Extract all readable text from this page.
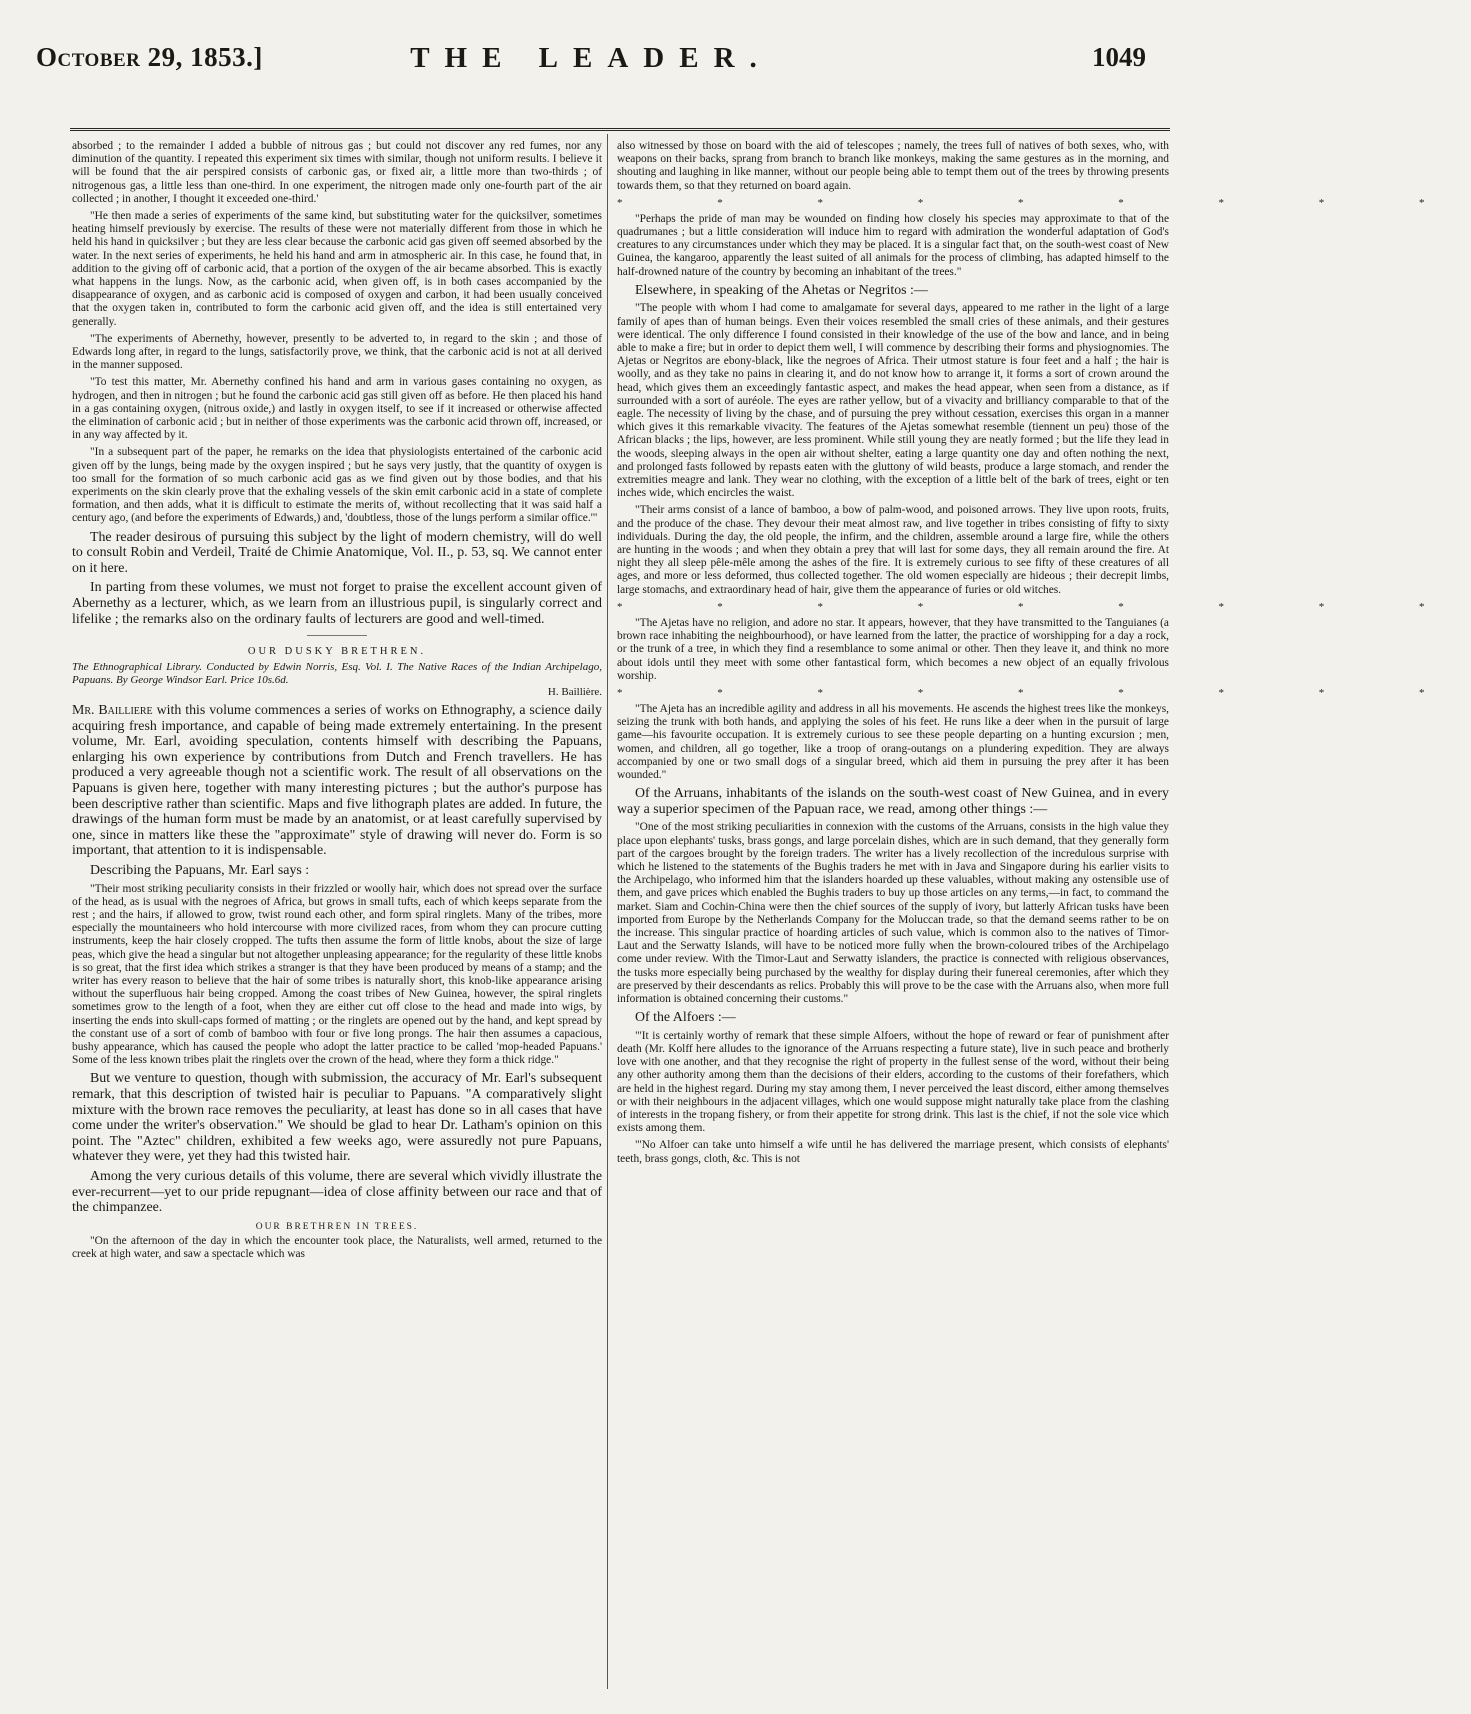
October 29, 1853.]	THE LEADER.	1049

absorbed ; to the remainder I added a bubble of nitrous gas ; but could not discover any red fumes, nor any diminution of the quantity. I repeated this experiment six times with similar, though not uniform results. I believe it will be found that the air perspired consists of carbonic gas, or fixed air, a little more than two-thirds ; of nitrogenous gas, a little less than one-third. In one experiment, the nitrogen made only one-fourth part of the air collected ; in another, I thought it exceeded one-third.'

"He then made a series of experiments of the same kind, but substituting water for the quicksilver, sometimes heating himself previously by exercise. The results of these were not materially different from those in which he held his hand in quicksilver ; but they are less clear because the carbonic acid gas given off seemed absorbed by the water. In the next series of experiments, he held his hand and arm in atmospheric air. In this case, he found that, in addition to the giving off of carbonic acid, that a portion of the oxygen of the air became absorbed. This is exactly what happens in the lungs. Now, as the carbonic acid, when given off, is in both cases accompanied by the disappearance of oxygen, and as carbonic acid is composed of oxygen and carbon, it had been usually conceived that the oxygen taken in, contributed to form the carbonic acid given off, and the idea is still entertained very generally.

"The experiments of Abernethy, however, presently to be adverted to, in regard to the skin ; and those of Edwards long after, in regard to the lungs, satisfactorily prove, we think, that the carbonic acid is not at all derived in the manner supposed.

"To test this matter, Mr. Abernethy confined his hand and arm in various gases containing no oxygen, as hydrogen, and then in nitrogen ; but he found the carbonic acid gas still given off as before. He then placed his hand in a gas containing oxygen, (nitrous oxide,) and lastly in oxygen itself, to see if it increased or otherwise affected the elimination of carbonic acid ; but in neither of those experiments was the carbonic acid thrown off, increased, or in any way affected by it.

"In a subsequent part of the paper, he remarks on the idea that physiologists entertained of the carbonic acid given off by the lungs, being made by the oxygen inspired ; but he says very justly, that the quantity of oxygen is too small for the formation of so much carbonic acid gas as we find given out by those bodies, and that his experiments on the skin clearly prove that the exhaling vessels of the skin emit carbonic acid in a state of complete formation, and then adds, what it is difficult to estimate the merits of, without recollecting that it was said half a century ago, (and before the experiments of Edwards,) and, 'doubtless, those of the lungs perform a similar office.'"

The reader desirous of pursuing this subject by the light of modern chemistry, will do well to consult Robin and Verdeil, Traité de Chimie Anatomique, Vol. II., p. 53, sq. We cannot enter on it here.

In parting from these volumes, we must not forget to praise the excellent account given of Abernethy as a lecturer, which, as we learn from an illustrious pupil, is singularly correct and lifelike ; the remarks also on the ordinary faults of lecturers are good and well-timed.

OUR DUSKY BRETHREN.

The Ethnographical Library. Conducted by Edwin Norris, Esq. Vol. I. The Native Races of the Indian Archipelago, Papuans. By George Windsor Earl. Price 10s.6d.
H. Baillière.

Mr. Bailliere with this volume commences a series of works on Ethnography, a science daily acquiring fresh importance, and capable of being made extremely entertaining. In the present volume, Mr. Earl, avoiding speculation, contents himself with describing the Papuans, enlarging his own experience by contributions from Dutch and French travellers. He has produced a very agreeable though not a scientific work. The result of all observations on the Papuans is given here, together with many interesting pictures ; but the author's purpose has been descriptive rather than scientific. Maps and five lithograph plates are added. In future, the drawings of the human form must be made by an anatomist, or at least carefully supervised by one, since in matters like these the "approximate" style of drawing will never do. Form is so important, that attention to it is indispensable.

Describing the Papuans, Mr. Earl says :

"Their most striking peculiarity consists in their frizzled or woolly hair, which does not spread over the surface of the head, as is usual with the negroes of Africa, but grows in small tufts, each of which keeps separate from the rest ; and the hairs, if allowed to grow, twist round each other, and form spiral ringlets. Many of the tribes, more especially the mountaineers who hold intercourse with more civilized races, from whom they can procure cutting instruments, keep the hair closely cropped. The tufts then assume the form of little knobs, about the size of large peas, which give the head a singular but not altogether unpleasing appearance; for the regularity of these little knobs is so great, that the first idea which strikes a stranger is that they have been produced by means of a stamp; and the writer has every reason to believe that the hair of some tribes is naturally short, this knob-like appearance arising without the superfluous hair being cropped. Among the coast tribes of New Guinea, however, the spiral ringlets sometimes grow to the length of a foot, when they are either cut off close to the head and made into wigs, by inserting the ends into skull-caps formed of matting ; or the ringlets are opened out by the hand, and kept spread by the constant use of a sort of comb of bamboo with four or five long prongs. The hair then assumes a capacious, bushy appearance, which has caused the people who adopt the latter practice to be called 'mop-headed Papuans.' Some of the less known tribes plait the ringlets over the crown of the head, where they form a thick ridge."

But we venture to question, though with submission, the accuracy of Mr. Earl's subsequent remark, that this description of twisted hair is peculiar to Papuans. "A comparatively slight mixture with the brown race removes the peculiarity, at least has done so in all cases that have come under the writer's observation." We should be glad to hear Dr. Latham's opinion on this point. The "Aztec" children, exhibited a few weeks ago, were assuredly not pure Papuans, whatever they were, yet they had this twisted hair.

Among the very curious details of this volume, there are several which vividly illustrate the ever-recurrent—yet to our pride repugnant—idea of close affinity between our race and that of the chimpanzee.

OUR BRETHREN IN TREES.

"On the afternoon of the day in which the encounter took place, the Naturalists, well armed, returned to the creek at high water, and saw a spectacle which was

also witnessed by those on board with the aid of telescopes ; namely, the trees full of natives of both sexes, who, with weapons on their backs, sprang from branch to branch like monkeys, making the same gestures as in the morning, and shouting and laughing in like manner, without our people being able to tempt them out of the trees by throwing presents towards them, so that they returned on board again.

* * * * * * * * *

"Perhaps the pride of man may be wounded on finding how closely his species may approximate to that of the quadrumanes ; but a little consideration will induce him to regard with admiration the wonderful adaptation of God's creatures to any circumstances under which they may be placed. It is a singular fact that, on the south-west coast of New Guinea, the kangaroo, apparently the least suited of all animals for the process of climbing, has adapted himself to the half-drowned nature of the country by becoming an inhabitant of the trees."

Elsewhere, in speaking of the Ahetas or Negritos :—

"The people with whom I had come to amalgamate for several days, appeared to me rather in the light of a large family of apes than of human beings. Even their voices resembled the small cries of these animals, and their gestures were identical. The only difference I found consisted in their knowledge of the use of the bow and lance, and in being able to make a fire; but in order to depict them well, I will commence by describing their forms and physiognomies. The Ajetas or Negritos are ebony-black, like the negroes of Africa. Their utmost stature is four feet and a half ; the hair is woolly, and as they take no pains in clearing it, and do not know how to arrange it, it forms a sort of crown around the head, which gives them an exceedingly fantastic aspect, and makes the head appear, when seen from a distance, as if surrounded with a sort of auréole. The eyes are rather yellow, but of a vivacity and brilliancy comparable to that of the eagle. The necessity of living by the chase, and of pursuing the prey without cessation, exercises this organ in a manner which gives it this remarkable vivacity. The features of the Ajetas somewhat resemble (tiennent un peu) those of the African blacks ; the lips, however, are less prominent. While still young they are neatly formed ; but the life they lead in the woods, sleeping always in the open air without shelter, eating a large quantity one day and often nothing the next, and prolonged fasts followed by repasts eaten with the gluttony of wild beasts, produce a large stomach, and render the extremities meagre and lank. They wear no clothing, with the exception of a little belt of the bark of trees, eight or ten inches wide, which encircles the waist.

"Their arms consist of a lance of bamboo, a bow of palm-wood, and poisoned arrows. They live upon roots, fruits, and the produce of the chase. They devour their meat almost raw, and live together in tribes consisting of fifty to sixty individuals. During the day, the old people, the infirm, and the children, assemble around a large fire, while the others are hunting in the woods ; and when they obtain a prey that will last for some days, they all remain around the fire. At night they all sleep pêle-mêle among the ashes of the fire. It is extremely curious to see fifty of these creatures of all ages, and more or less deformed, thus collected together. The old women especially are hideous ; their decrepit limbs, large stomachs, and extraordinary head of hair, give them the appearance of furies or old witches.

* * * * * * * * *

"The Ajetas have no religion, and adore no star. It appears, however, that they have transmitted to the Tanguianes (a brown race inhabiting the neighbourhood), or have learned from the latter, the practice of worshipping for a day a rock, or the trunk of a tree, in which they find a resemblance to some animal or other. Then they leave it, and think no more about idols until they meet with some other fantastical form, which becomes a new object of an equally frivolous worship.

* * * * * * * * *

"The Ajeta has an incredible agility and address in all his movements. He ascends the highest trees like the monkeys, seizing the trunk with both hands, and applying the soles of his feet. He runs like a deer when in the pursuit of large game—his favourite occupation. It is extremely curious to see these people departing on a hunting excursion ; men, women, and children, all go together, like a troop of orang-outangs on a plundering expedition. They are always accompanied by one or two small dogs of a singular breed, which aid them in pursuing the prey after it has been wounded."

Of the Arruans, inhabitants of the islands on the south-west coast of New Guinea, and in every way a superior specimen of the Papuan race, we read, among other things :—

"One of the most striking peculiarities in connexion with the customs of the Arruans, consists in the high value they place upon elephants' tusks, brass gongs, and large porcelain dishes, which are in such demand, that they generally form part of the cargoes brought by the foreign traders. The writer has a lively recollection of the incredulous surprise with which he listened to the statements of the Bughis traders he met with in Java and Singapore during his earlier visits to the Archipelago, who informed him that the islanders hoarded up these valuables, without making any ostensible use of them, and gave prices which enabled the Bughis traders to buy up those articles on any terms,—in fact, to command the market. Siam and Cochin-China were then the chief sources of the supply of ivory, but latterly African tusks have been imported from Europe by the Netherlands Company for the Moluccan trade, so that the demand seems rather to be on the increase. This singular practice of hoarding articles of such value, which is common also to the natives of Timor-Laut and the Serwatty Islands, will have to be noticed more fully when the brown-coloured tribes of the Archipelago come under review. With the Timor-Laut and Serwatty islanders, the practice is connected with religious observances, the tusks more especially being purchased by the wealthy for display during their funereal ceremonies, after which they are preserved by their descendants as relics. Probably this will prove to be the case with the Arruans also, when more full information is obtained concerning their customs."

Of the Alfoers :—

"'It is certainly worthy of remark that these simple Alfoers, without the hope of reward or fear of punishment after death (Mr. Kolff here alludes to the ignorance of the Arruans respecting a future state), live in such peace and brotherly love with one another, and that they recognise the right of property in the fullest sense of the word, without their being any other authority among them than the decisions of their elders, according to the customs of their forefathers, which are held in the highest regard. During my stay among them, I never perceived the least discord, either among themselves or with their neighbours in the adjacent villages, which one would suppose might naturally take place from the clashing of interests in the tropang fishery, or from their appetite for strong drink. This last is the chief, if not the sole vice which exists among them.

"'No Alfoer can take unto himself a wife until he has delivered the marriage present, which consists of elephants' teeth, brass gongs, cloth, &c. This is not
